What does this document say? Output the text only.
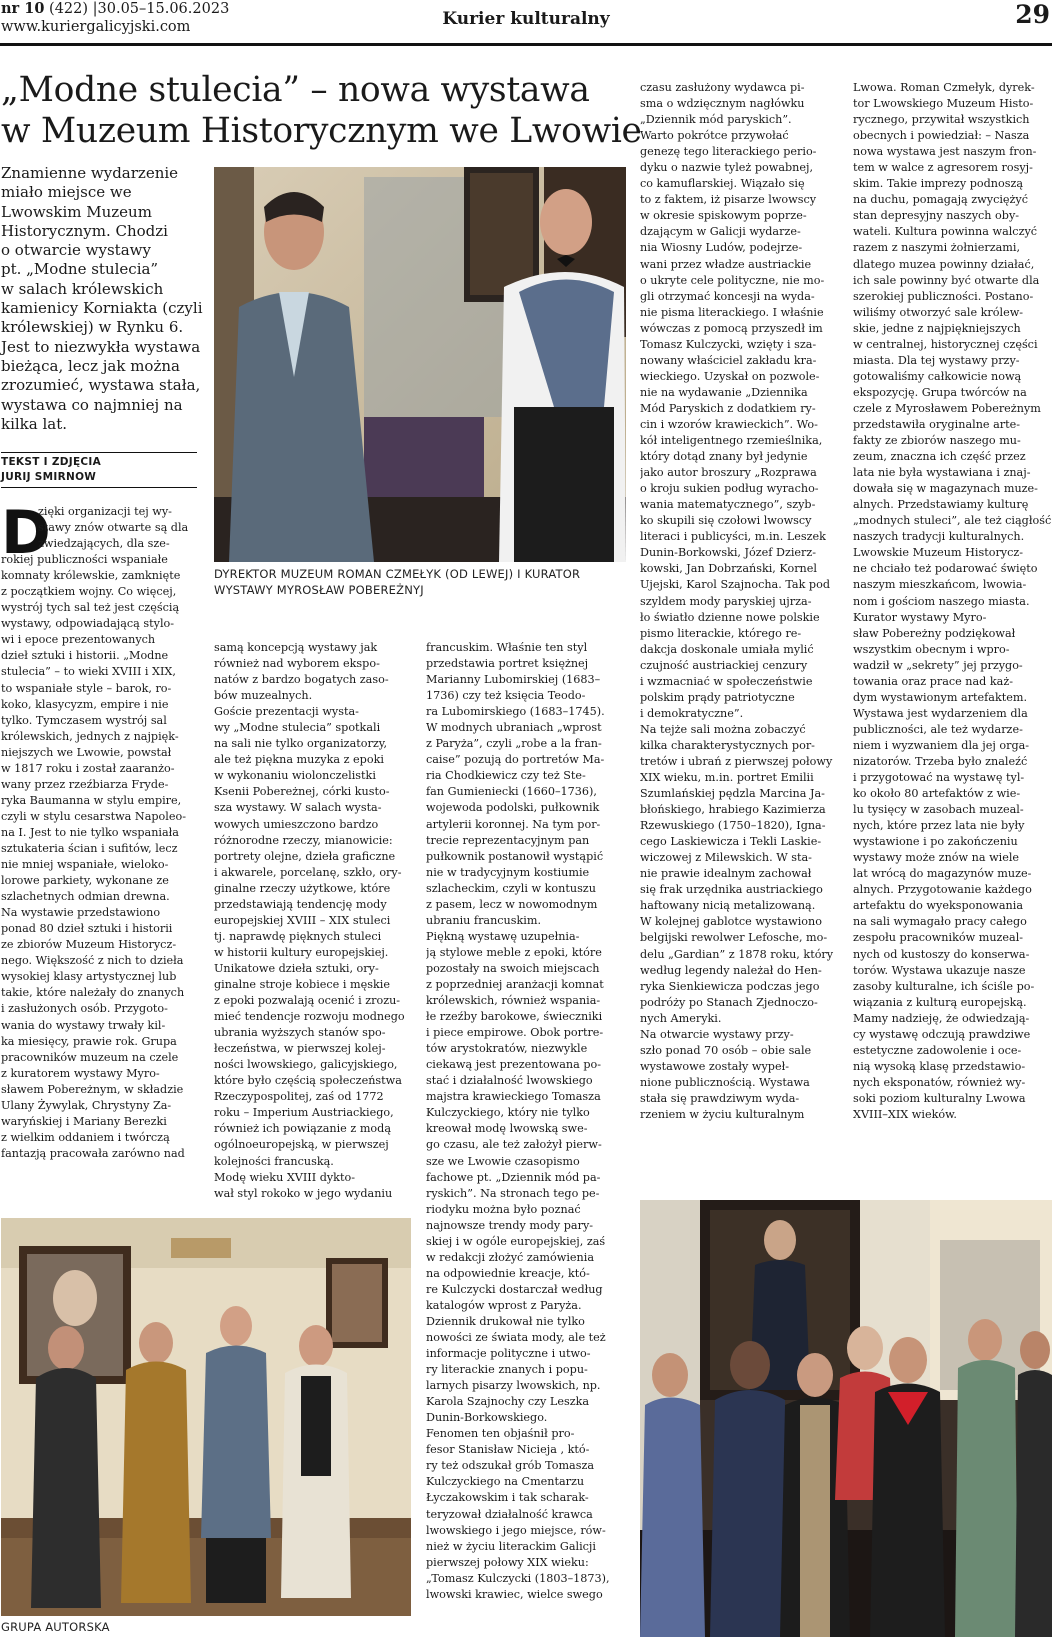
nr 10 (422) |30.05–15.06.2023
www.kuriergalicyjski.com	Kurier kulturalny	29
„Modne stulecia” – nowa wystawa
w Muzeum Historycznym we Lwowie
Znamienne wydarzenie
miało miejsce we
Lwowskim Muzeum
Historycznym. Chodzi
o otwarcie wystawy
pt. „Modne stulecia”
w salach królewskich
kamienicy Korniakta (czyli
królewskiej) w Rynku 6.
Jest to niezwykła wystawa
bieżąca, lecz jak można
zrozumieć, wystawa stała,
wystawa co najmniej na
kilka lat.
TEKST I ZDJĘCIA
JURIJ SMIRNOW
D
zięki organizacji tej wy-
stawy znów otwarte są dla
zwiedzających, dla sze-

rokiej publiczności wspaniałe
komnaty królewskie, zamknięte
z początkiem wojny. Co więcej,
wystrój tych sal też jest częścią
wystawy, odpowiadającą stylo-
wi i epoce prezentowanych
dzieł sztuki i historii. „Modne
stulecia” – to wieki XVIII i XIX,
to wspaniałe style – barok, ro-
koko, klasycyzm, empire i nie
tylko. Tymczasem wystrój sal
królewskich, jednych z najpięk-
niejszych we Lwowie, powstał
w 1817 roku i został zaaranżo-
wany przez rzeźbiarza Fryde-
ryka Baumanna w stylu empire,
czyli w stylu cesarstwa Napoleo-
na I. Jest to nie tylko wspaniała
sztukateria ścian i sufitów, lecz
nie mniej wspaniałe, wieloko-
lorowe parkiety, wykonane ze
szlachetnych odmian drewna.
Na wystawie przedstawiono
ponad 80 dzieł sztuki i historii
ze zbiorów Muzeum Historycz-
nego. Większość z nich to dzieła
wysokiej klasy artystycznej lub
takie, które należały do znanych
i zasłużonych osób. Przygoto-
wania do wystawy trwały kil-
ka miesięcy, prawie rok. Grupa
pracowników muzeum na czele
z kuratorem wystawy Myro-
sławem Pobereżnym, w składzie
Ulany Żywylak, Chrystyny Za-
waryńskiej i Mariany Berezki
z wielkim oddaniem i twórczą
fantazją pracowała zarówno nad
DYREKTOR MUZEUM ROMAN CZMEŁYK (OD LEWEJ) I KURATOR
WYSTAWY MYROSŁAW POBEREŻNYJ
samą koncepcją wystawy jak
również nad wyborem ekspo-
natów z bardzo bogatych zaso-
bów muzealnych.
Goście prezentacji wysta-
wy „Modne stulecia” spotkali
na sali nie tylko organizatorzy,
ale też piękna muzyka z epoki
w wykonaniu wiolonczelistki
Ksenii Pobereżnej, córki kusto-
sza wystawy. W salach wysta-
wowych umieszczono bardzo
różnorodne rzeczy, mianowicie:
portrety olejne, dzieła graficzne
i akwarele, porcelanę, szkło, ory-
ginalne rzeczy użytkowe, które
przedstawiają tendencję mody
europejskiej XVIII – XIX stuleci
tj. naprawdę pięknych stuleci
w historii kultury europejskiej.
Unikatowe dzieła sztuki, ory-
ginalne stroje kobiece i męskie
z epoki pozwalają ocenić i zrozu-
mieć tendencje rozwoju modnego
ubrania wyższych stanów spo-
łeczeństwa, w pierwszej kolej-
ności lwowskiego, galicyjskiego,
które było częścią społeczeństwa
Rzeczypospolitej, zaś od 1772
roku – Imperium Austriackiego,
również ich powiązanie z modą
ogólnoeuropejską, w pierwszej
kolejności francuską.
Modę wieku XVIII dykto-
wał styl rokoko w jego wydaniu
francuskim. Właśnie ten styl
przedstawia portret księżnej
Marianny Lubomirskiej (1683–
1736) czy też księcia Teodo-
ra Lubomirskiego (1683–1745).
W modnych ubraniach „wprost
z Paryża”, czyli „robe a la fran-
caise” pozują do portretów Ma-
ria Chodkiewicz czy też Ste-
fan Gumieniecki (1660–1736),
wojewoda podolski, pułkownik
artylerii koronnej. Na tym por-
trecie reprezentacyjnym pan
pułkownik postanowił wystąpić
nie w tradycyjnym kostiumie
szlacheckim, czyli w kontuszu
z pasem, lecz w nowomodnym
ubraniu francuskim.
Piękną wystawę uzupełnia-
ją stylowe meble z epoki, które
pozostały na swoich miejscach
z poprzedniej aranżacji komnat
królewskich, również wspania-
łe rzeźby barokowe, świeczniki
i piece empirowe. Obok portre-
tów arystokratów, niezwykle
ciekawą jest prezentowana po-
stać i działalność lwowskiego
majstra krawieckiego Tomasza
Kulczyckiego, który nie tylko
kreował modę lwowską swe-
go czasu, ale też założył pierw-
sze we Lwowie czasopismo
fachowe pt. „Dziennik mód pa-
ryskich”. Na stronach tego pe-
riodyku można było poznać
najnowsze trendy mody pary-
skiej i w ogóle europejskiej, zaś
w redakcji złożyć zamówienia
na odpowiednie kreacje, któ-
re Kulczycki dostarczał według
katalogów wprost z Paryża.
Dziennik drukował nie tylko
nowości ze świata mody, ale też
informacje polityczne i utwo-
ry literackie znanych i popu-
larnych pisarzy lwowskich, np.
Karola Szajnochy czy Leszka
Dunin-Borkowskiego.
Fenomen ten objaśnił pro-
fesor Stanisław Nicieja , któ-
ry też odszukał grób Tomasza
Kulczyckiego na Cmentarzu
Łyczakowskim i tak scharak-
teryzował działalność krawca
lwowskiego i jego miejsce, rów-
nież w życiu literackim Galicji
pierwszej połowy XIX wieku:
„Tomasz Kulczycki (1803–1873),
lwowski krawiec, wielce swego
czasu zasłużony wydawca pi-
sma o wdzięcznym nagłówku
„Dziennik mód paryskich”.
Warto pokrótce przywołać
genezę tego literackiego perio-
dyku o nazwie tyleż powabnej,
co kamuflarskiej. Wiązało się
to z faktem, iż pisarze lwowscy
w okresie spiskowym poprze-
dzającym w Galicji wydarze-
nia Wiosny Ludów, podejrze-
wani przez władze austriackie
o ukryte cele polityczne, nie mo-
gli otrzymać koncesji na wyda-
nie pisma literackiego. I właśnie
wówczas z pomocą przyszedł im
Tomasz Kulczycki, wzięty i sza-
nowany właściciel zakładu kra-
wieckiego. Uzyskał on pozwole-
nie na wydawanie „Dziennika
Mód Paryskich z dodatkiem ry-
cin i wzorów krawieckich”. Wo-
kół inteligentnego rzemieślnika,
który dotąd znany był jedynie
jako autor broszury „Rozprawa
o kroju sukien podług wyracho-
wania matematycznego”, szyb-
ko skupili się czołowi lwowscy
literaci i publicyści, m.in. Leszek
Dunin-Borkowski, Józef Dzierz-
kowski, Jan Dobrzański, Kornel
Ujejski, Karol Szajnocha. Tak pod
szyldem mody paryskiej ujrza-
ło światło dzienne nowe polskie
pismo literackie, którego re-
dakcja doskonale umiała mylić
czujność austriackiej cenzury
i wzmacniać w społeczeństwie
polskim prądy patriotyczne
i demokratyczne”.
Na tejże sali można zobaczyć
kilka charakterystycznych por-
tretów i ubrań z pierwszej połowy
XIX wieku, m.in. portret Emilii
Szumlańskiej pędzla Marcina Ja-
błońskiego, hrabiego Kazimierza
Rzewuskiego (1750–1820), Igna-
cego Laskiewicza i Tekli Laskie-
wiczowej z Milewskich. W sta-
nie prawie idealnym zachował
się frak urzędnika austriackiego
haftowany nicią metalizowaną.
W kolejnej gablotce wystawiono
belgijski rewolwer Lefosche, mo-
delu „Gardian” z 1878 roku, który
według legendy należał do Hen-
ryka Sienkiewicza podczas jego
podróży po Stanach Zjednoczo-
nych Ameryki.
Na otwarcie wystawy przy-
szło ponad 70 osób – obie sale
wystawowe zostały wypeł-
nione publicznością. Wystawa
stała się prawdziwym wyda-
rzeniem w życiu kulturalnym
Lwowa. Roman Czmełyk, dyrek-
tor Lwowskiego Muzeum Histo-
rycznego, przywitał wszystkich
obecnych i powiedział: – Nasza
nowa wystawa jest naszym fron-
tem w walce z agresorem rosyj-
skim. Takie imprezy podnoszą
na duchu, pomagają zwyciężyć
stan depresyjny naszych oby-
wateli. Kultura powinna walczyć
razem z naszymi żołnierzami,
dlatego muzea powinny działać,
ich sale powinny być otwarte dla
szerokiej publiczności. Postano-
wiliśmy otworzyć sale królew-
skie, jedne z najpiękniejszych
w centralnej, historycznej części
miasta. Dla tej wystawy przy-
gotowaliśmy całkowicie nową
ekspozycję. Grupa twórców na
czele z Myrosławem Pobereżnym
przedstawiła oryginalne arte-
fakty ze zbiorów naszego mu-
zeum, znaczna ich część przez
lata nie była wystawiana i znaj-
dowała się w magazynach muze-
alnych. Przedstawiamy kulturę
„modnych stuleci”, ale też ciągłość
naszych tradycji kulturalnych.
Lwowskie Muzeum Historycz-
ne chciało też podarować święto
naszym mieszkańcom, lwowia-
nom i gościom naszego miasta.
Kurator wystawy Myro-
sław Pobereżny podziękował
wszystkim obecnym i wpro-
wadził w „sekrety” jej przygo-
towania oraz prace nad każ-
dym wystawionym artefaktem.
Wystawa jest wydarzeniem dla
publiczności, ale też wydarze-
niem i wyzwaniem dla jej orga-
nizatorów. Trzeba było znaleźć
i przygotować na wystawę tyl-
ko około 80 artefaktów z wie-
lu tysięcy w zasobach muzeal-
nych, które przez lata nie były
wystawione i po zakończeniu
wystawy może znów na wiele
lat wrócą do magazynów muze-
alnych. Przygotowanie każdego
artefaktu do wyeksponowania
na sali wymagało pracy całego
zespołu pracowników muzeal-
nych od kustoszy do konserwa-
torów. Wystawa ukazuje nasze
zasoby kulturalne, ich ściśle po-
wiązania z kulturą europejską.
Mamy nadzieję, że odwiedzają-
cy wystawę odczują prawdziwe
estetyczne zadowolenie i oce-
nią wysoką klasę przedstawio-
nych eksponatów, również wy-
soki poziom kulturalny Lwowa
XVIII–XIX wieków.
GRUPA AUTORSKA
